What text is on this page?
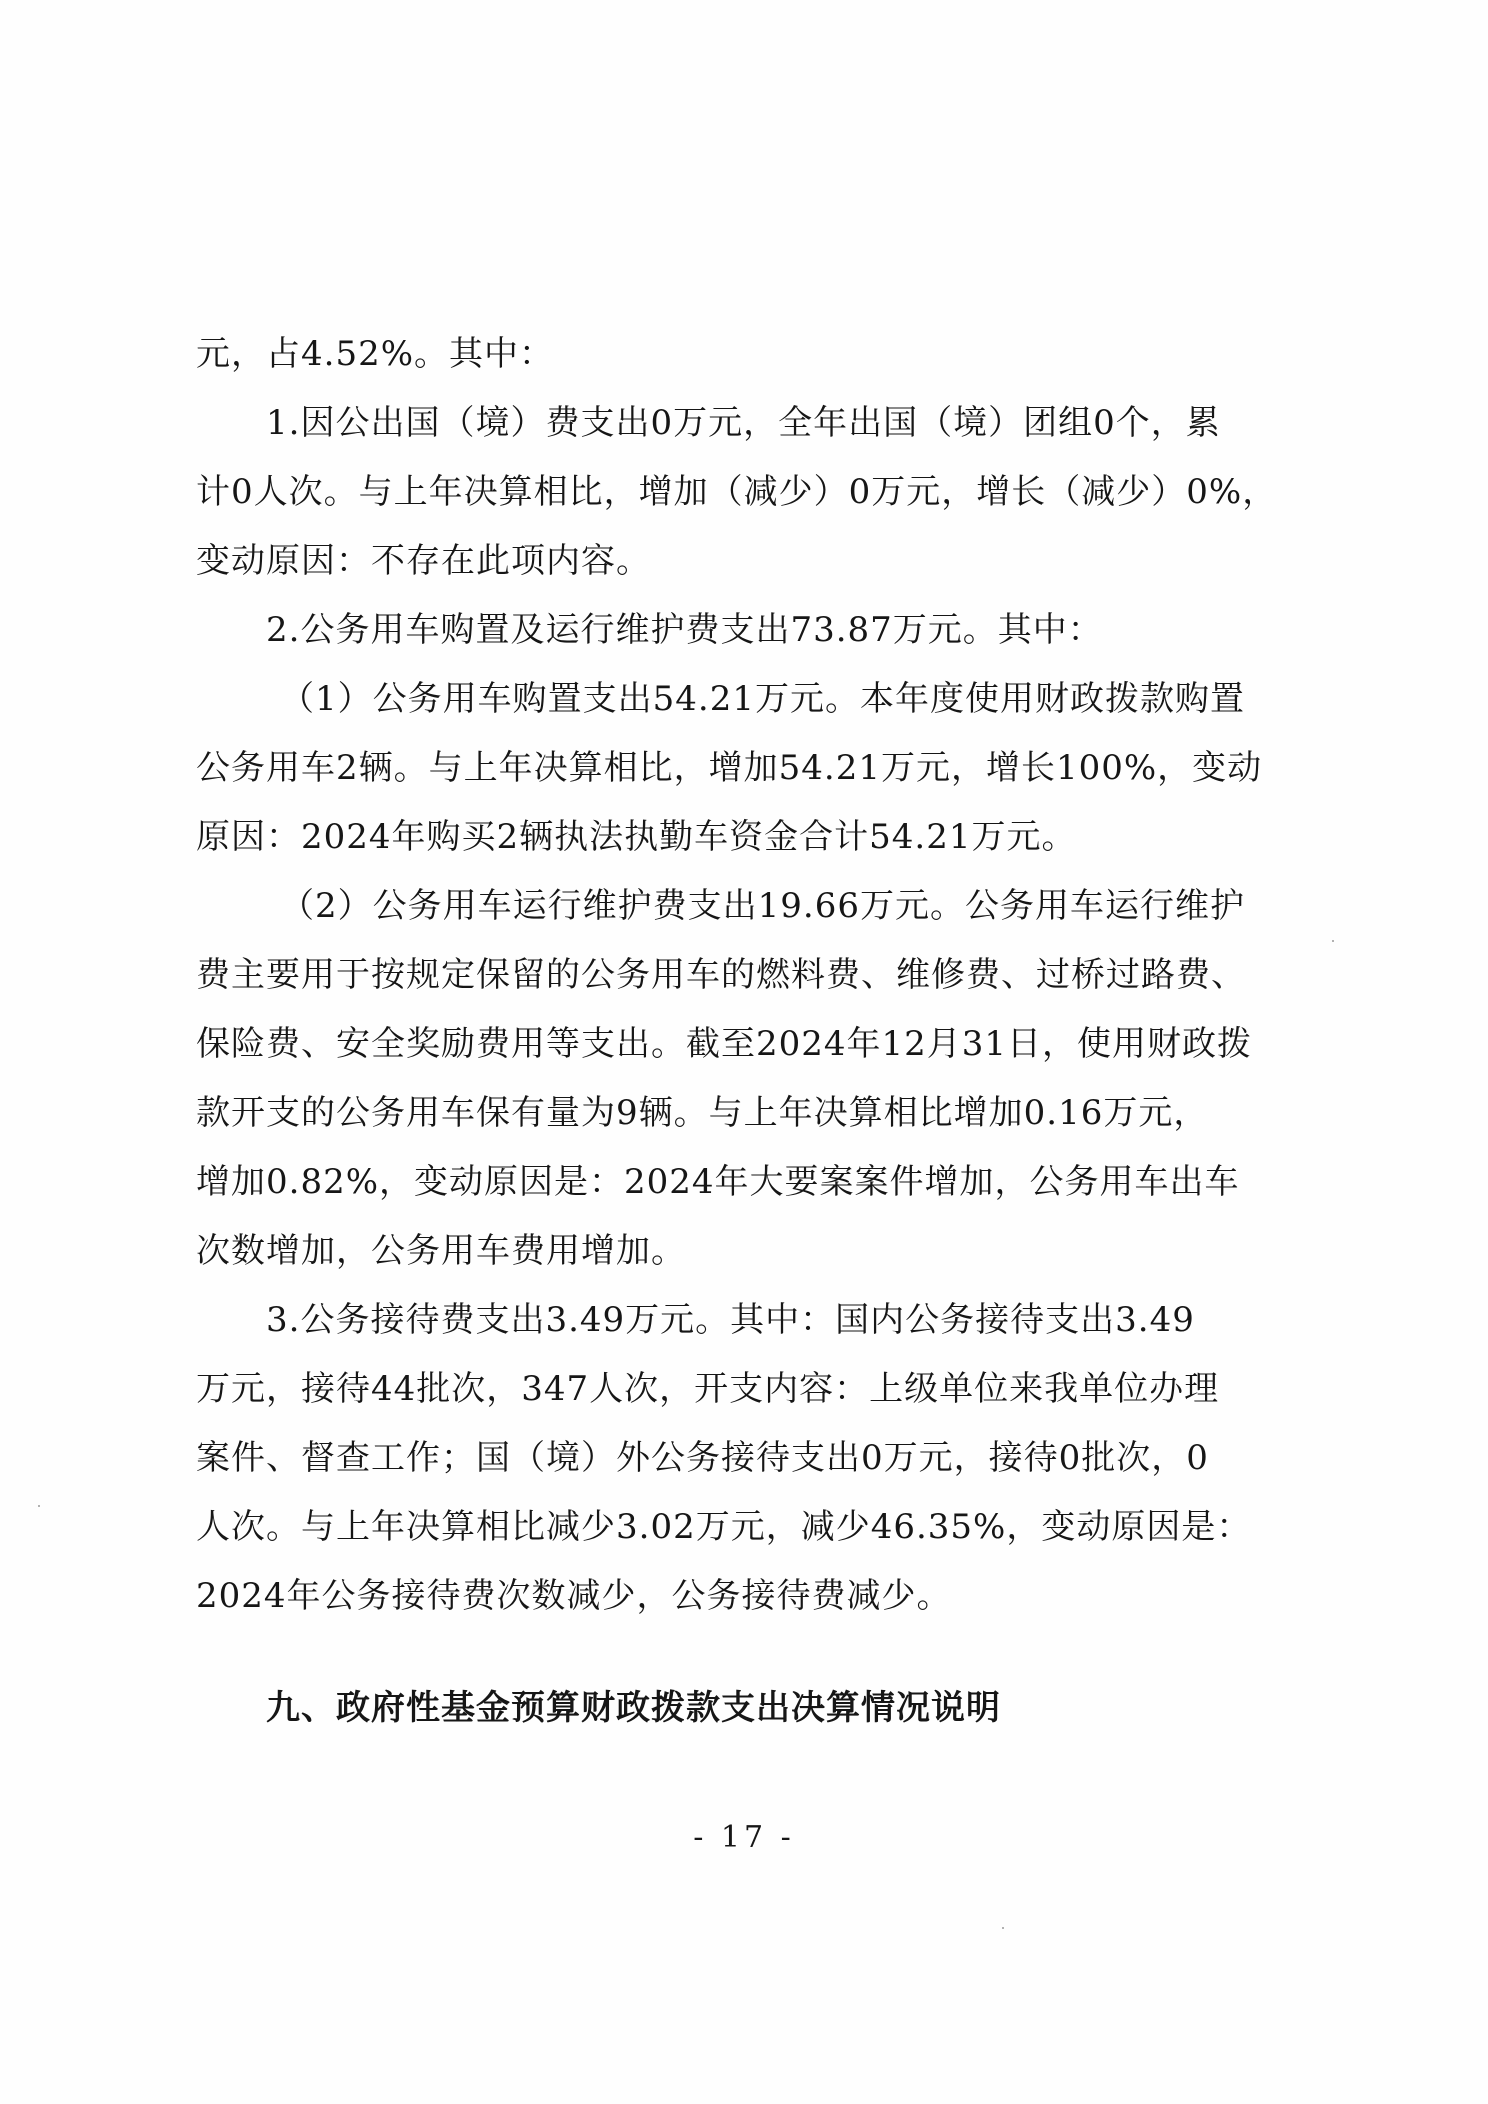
元，占4.52%。其中：
1.因公出国（境）费支出0万元，全年出国（境）团组0个，累
计0人次。与上年决算相比，增加（减少）0万元，增长（减少）0%，
变动原因：不存在此项内容。
2.公务用车购置及运行维护费支出73.87万元。其中：
（1）公务用车购置支出54.21万元。本年度使用财政拨款购置
公务用车2辆。与上年决算相比，增加54.21万元，增长100%，变动
原因：2024年购买2辆执法执勤车资金合计54.21万元。
（2）公务用车运行维护费支出19.66万元。公务用车运行维护
费主要用于按规定保留的公务用车的燃料费、维修费、过桥过路费、
保险费、安全奖励费用等支出。截至2024年12月31日，使用财政拨
款开支的公务用车保有量为9辆。与上年决算相比增加0.16万元，
增加0.82%，变动原因是：2024年大要案案件增加，公务用车出车
次数增加，公务用车费用增加。
3.公务接待费支出3.49万元。其中：国内公务接待支出3.49
万元，接待44批次，347人次，开支内容：上级单位来我单位办理
案件、督查工作；国（境）外公务接待支出0万元，接待0批次，0
人次。与上年决算相比减少3.02万元，减少46.35%，变动原因是：
2024年公务接待费次数减少，公务接待费减少。
九、政府性基金预算财政拨款支出决算情况说明
- 17 -
